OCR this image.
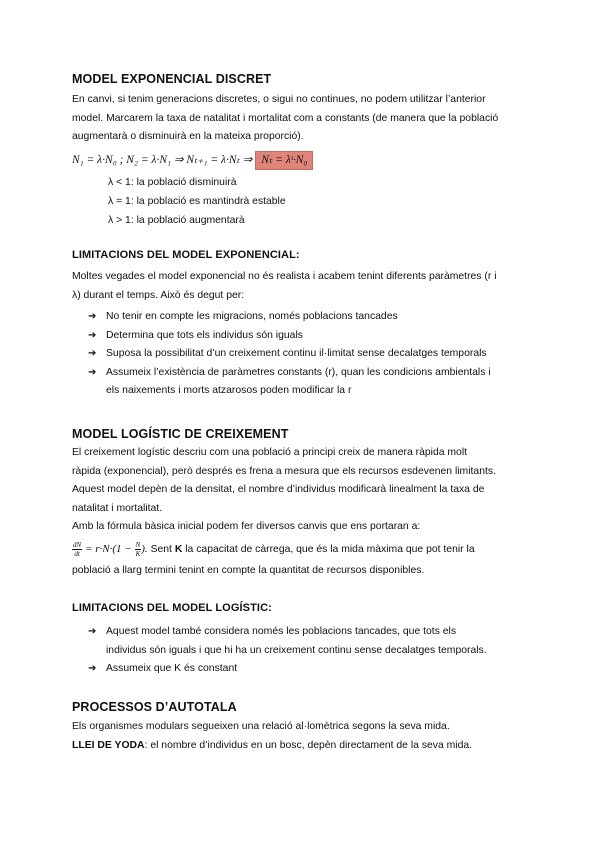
MODEL EXPONENCIAL DISCRET

En canvi, si tenim generacions discretes, o sigui no continues, no podem utilitzar l’anterior

model. Marcarem la taxa de natalitat i mortalitat com a constants (de manera que la població

augmentarà o disminuirà en la mateixa proporció).

N₁ = λ·N₀ ; N₂ = λ·N₁ ⇒ Nₜ₊₁ = λ·Nₜ ⇒ Nₜ = λᵗ·N₀
λ < 1: la població disminuirà
λ = 1: la població es mantindrà estable
λ > 1: la població augmentarà
LIMITACIONS DEL MODEL EXPONENCIAL:

Moltes vegades el model exponencial no és realista i acabem tenint diferents paràmetres (r i

λ) durant el temps. Això és degut per:

➔ No tenir en compte les migracions, només poblacions tancades
➔ Determina que tots els individus són iguals
➔ Suposa la possibilitat d’un creixement continu il·limitat sense decalatges temporals
➔ Assumeix l’existència de paràmetres constants (r), quan les condicions ambientals i
els naixements i morts atzarosos poden modificar la r
MODEL LOGÍSTIC DE CREIXEMENT

El creixement logístic descriu com una població a principi creix de manera ràpida molt

ràpida (exponencial), però després es frena a mesura que els recursos esdevenen limitants.

Aquest model depèn de la densitat, el nombre d’individus modificarà linealment la taxa de

natalitat i mortalitat.

Amb la fórmula bàsica inicial podem fer diversos canvis que ens portaran a:

$\frac{dN}{dt} = r\cdot N\cdot(1 - \frac{N}{K}$ ). Sent K la capacitat de càrrega, que és la mida màxima que pot tenir la

població a llarg termini tenint en compte la quantitat de recursos disponibles.

LIMITACIONS DEL MODEL LOGÍSTIC:
➔ Aquest model també considera només les poblacions tancades, que tots els
individus són iguals i que hi ha un creixement continu sense decalatges temporals.
➔ Assumeix que K és constant
PROCESSOS D’AUTOTALA

Els organismes modulars segueixen una relació al·lomètrica segons la seva mida.

LLEI DE YODA: el nombre d’individus en un bosc, depèn directament de la seva mida.
